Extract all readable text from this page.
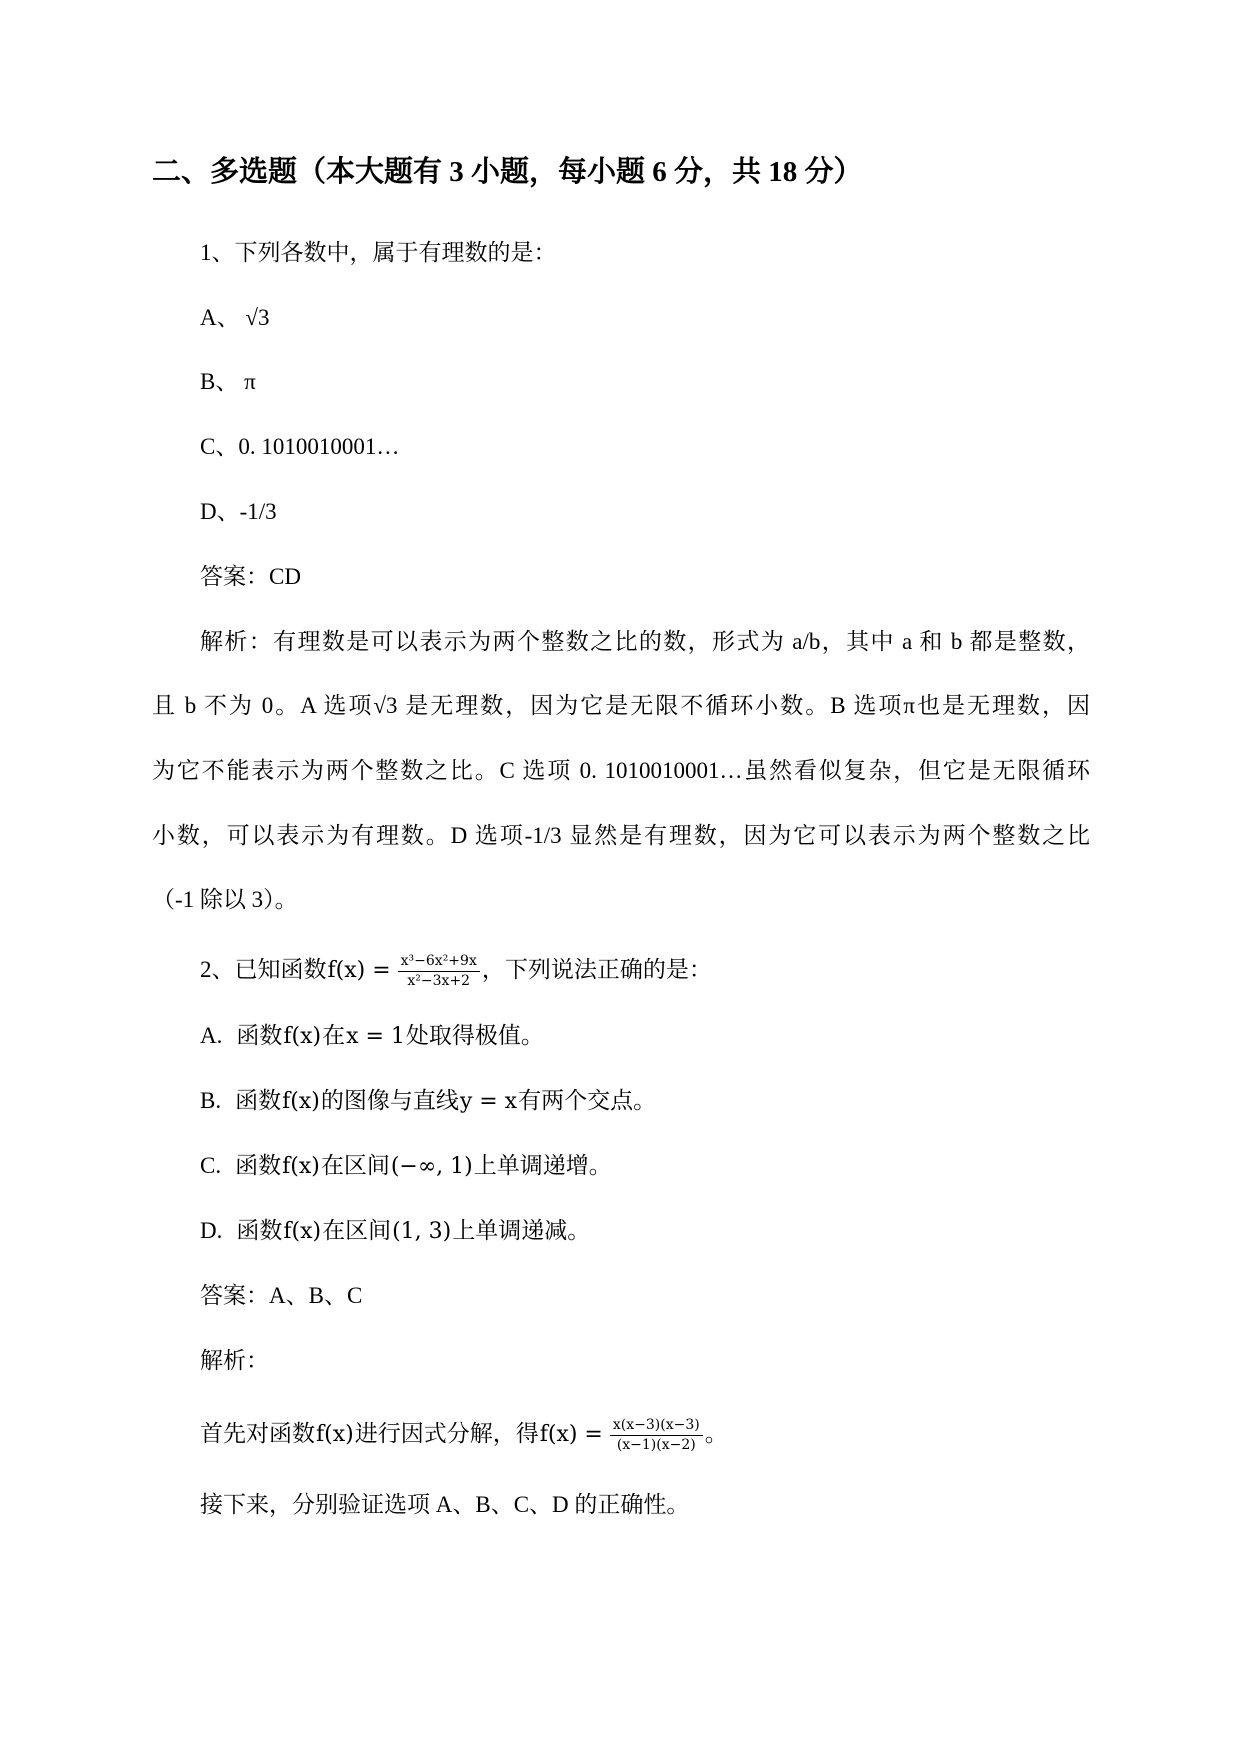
二、多选题（本大题有 3 小题，每小题 6 分，共 18 分）
1、下列各数中，属于有理数的是：
A、 √3
B、 π
C、0. 1010010001…
D、-1/3
答案：CD
解析：有理数是可以表示为两个整数之比的数，形式为 a/b，其中 a 和 b 都是整数，
且 b 不为 0。A 选项√3 是无理数，因为它是无限不循环小数。B 选项π也是无理数，因
为它不能表示为两个整数之比。C 选项 0. 1010010001…虽然看似复杂，但它是无限循环
小数，可以表示为有理数。D 选项-1/3 显然是有理数，因为它可以表示为两个整数之比
（-1 除以 3）。
2、已知函数$f(x) = \frac{\text{x³−6x²+9x}}{\text{x²−3x+2}}$ ，下列说法正确的是：
A. 函数f(x)在x = 1处取得极值。
B. 函数f(x)的图像与直线y = x有两个交点。
C. 函数f(x)在区间(−∞, 1)上单调递增。
D. 函数f(x)在区间(1, 3)上单调递减。
答案：A、B、C
解析：
首先对函数f(x)进行因式分解，得$f(x) = \frac{x(x-3)(x-3)}{(x-1)(x-2)}$ 。
接下来，分别验证选项 A、B、C、D 的正确性。
